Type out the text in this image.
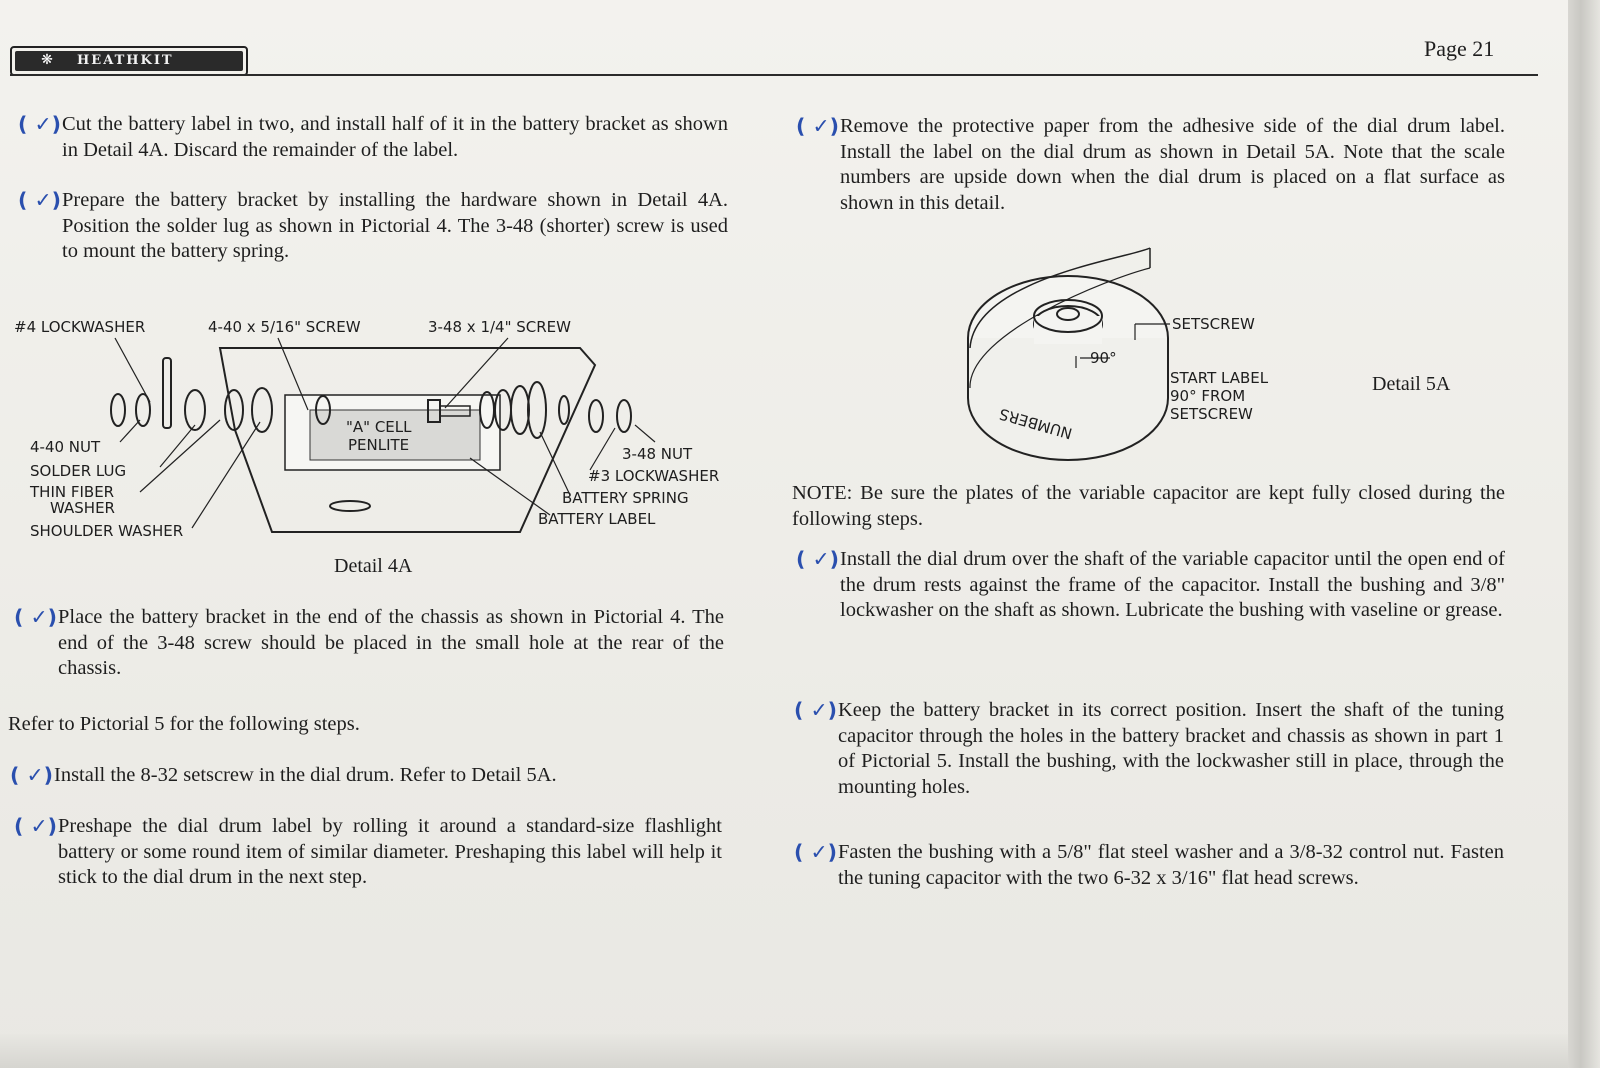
❋	HEATHKIT	Page 21
( ✓) Cut the battery label in two, and install half of it in the battery bracket as shown in Detail 4A. Discard the remainder of the label.
( ✓) Prepare the battery bracket by installing the hardware shown in Detail 4A. Position the solder lug as shown in Pictorial 4. The 3-48 (shorter) screw is used to mount the battery spring.
#4 LOCKWASHER	4-40 x 5/16" SCREW	3-48 x 1/4" SCREW
4-40 NUT
SOLDER LUG
THIN FIBER
WASHER
SHOULDER WASHER
3-48 NUT
#3 LOCKWASHER
BATTERY SPRING
BATTERY LABEL
"A" CELL
PENLITE
Detail 4A
( ✓) Place the battery bracket in the end of the chassis as shown in Pictorial 4. The end of the 3-48 screw should be placed in the small hole at the rear of the chassis.
Refer to Pictorial 5 for the following steps.
( ✓) Install the 8-32 setscrew in the dial drum. Refer to Detail 5A.
( ✓) Preshape the dial drum label by rolling it around a standard-size flashlight battery or some round item of similar diameter. Preshaping this label will help it stick to the dial drum in the next step.
( ✓) Remove the protective paper from the adhesive side of the dial drum label. Install the label on the dial drum as shown in Detail 5A. Note that the scale numbers are upside down when the dial drum is placed on a flat surface as shown in this detail.
SETSCREW
90°
START LABEL
90° FROM
SETSCREW
NUMBERS
Detail 5A
NOTE: Be sure the plates of the variable capacitor are kept fully closed during the following steps.
( ✓) Install the dial drum over the shaft of the variable capacitor until the open end of the drum rests against the frame of the capacitor. Install the bushing and 3/8" lockwasher on the shaft as shown. Lubricate the bushing with vaseline or grease.
( ✓) Keep the battery bracket in its correct position. Insert the shaft of the tuning capacitor through the holes in the battery bracket and chassis as shown in part 1 of Pictorial 5. Install the bushing, with the lockwasher still in place, through the mounting holes.
( ✓) Fasten the bushing with a 5/8" flat steel washer and a 3/8-32 control nut. Fasten the tuning capacitor with the two 6-32 x 3/16" flat head screws.
